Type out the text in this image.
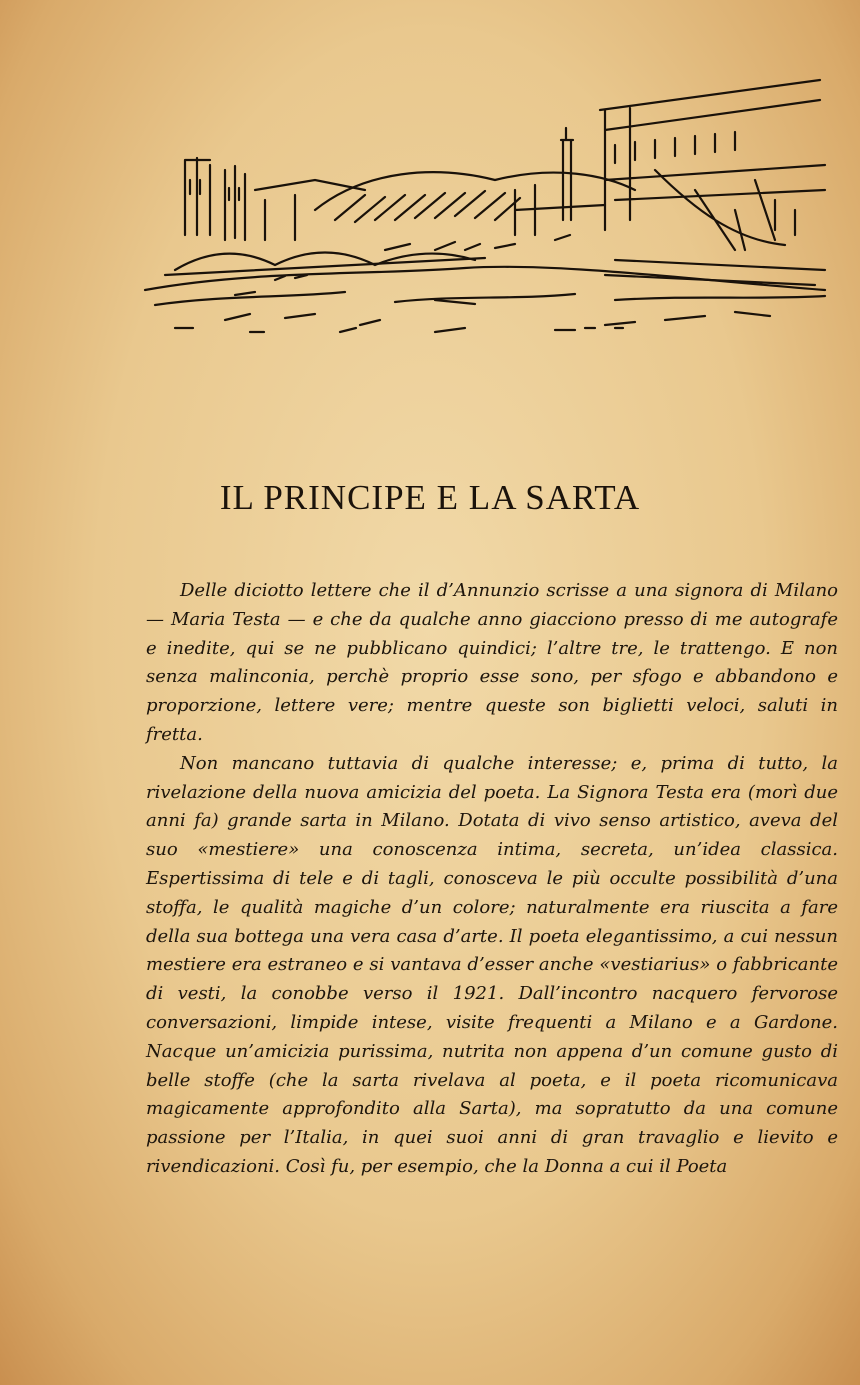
IL PRINCIPE E LA SARTA

Delle diciotto lettere che il d’Annunzio scrisse a una signora di Milano — Maria Testa — e che da qualche anno giacciono presso di me autografe e inedite, qui se ne pubblicano quindici; l’altre tre, le trattengo. E non senza malinconia, perchè proprio esse sono, per sfogo e abbandono e proporzione, lettere vere; mentre queste son biglietti veloci, saluti in fretta.

Non mancano tuttavia di qualche interesse; e, prima di tutto, la rivelazione della nuova amicizia del poeta. La Signora Testa era (morì due anni fa) grande sarta in Milano. Dotata di vivo senso artistico, aveva del suo «mestiere» una conoscenza intima, secreta, un’idea classica. Espertissima di tele e di tagli, conosceva le più occulte possibilità d’una stoffa, le qualità magiche d’un colore; naturalmente era riuscita a fare della sua bottega una vera casa d’arte. Il poeta elegantissimo, a cui nessun mestiere era estraneo e si vantava d’esser anche «vestiarius» o fabbricante di vesti, la conobbe verso il 1921. Dall’incontro nacquero fervorose conversazioni, limpide intese, visite frequenti a Milano e a Gardone. Nacque un’amicizia purissima, nutrita non appena d’un comune gusto di belle stoffe (che la sarta rivelava al poeta, e il poeta ricomunicava magicamente approfondito alla Sarta), ma sopratutto da una comune passione per l’Italia, in quei suoi anni di gran travaglio e lievito e rivendicazioni. Così fu, per esempio, che la Donna a cui il Poeta
